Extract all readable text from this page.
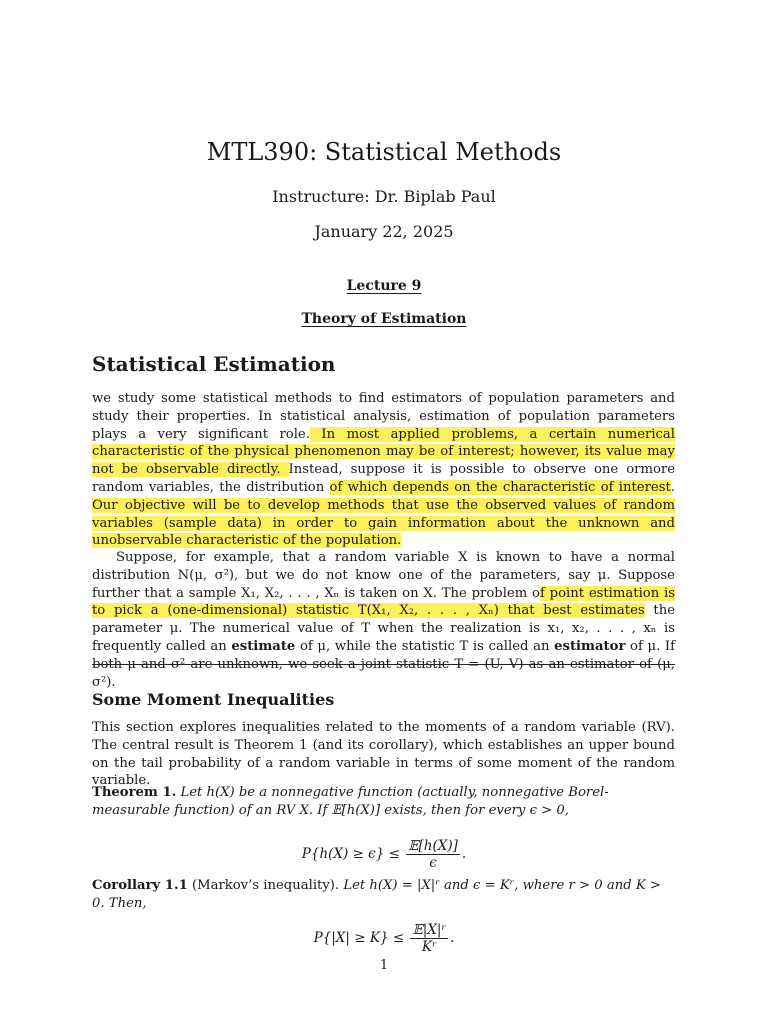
MTL390: Statistical Methods
Instructure: Dr. Biplab Paul
January 22, 2025
Lecture 9
Theory of Estimation
Statistical Estimation

we study some statistical methods to find estimators of population parameters and study their properties. In statistical analysis, estimation of population parameters plays a very significant role. In most applied problems, a certain numerical characteristic of the physical phenomenon may be of interest; however, its value may not be observable directly. Instead, suppose it is possible to observe one ormore random variables, the distribution of which depends on the characteristic of interest. Our objective will be to develop methods that use the observed values of random variables (sample data) in order to gain information about the unknown and unobservable characteristic of the population.

Suppose, for example, that a random variable X is known to have a normal distribution N(μ, σ²), but we do not know one of the parameters, say μ. Suppose further that a sample X₁, X₂, . . . , Xₙ is taken on X. The problem of point estimation is to pick a (one-dimensional) statistic T(X₁, X₂, . . . , Xₙ) that best estimates the parameter μ. The numerical value of T when the realization is x₁, x₂, . . . , xₙ is frequently called an estimate of μ, while the statistic T is called an estimator of μ. If both μ and σ² are unknown, we seek a joint statistic T = (U, V) as an estimator of (μ, σ²).

Some Moment Inequalities

This section explores inequalities related to the moments of a random variable (RV). The central result is Theorem 1 (and its corollary), which establishes an upper bound on the tail probability of a random variable in terms of some moment of the random variable.

Theorem 1. Let h(X) be a nonnegative function (actually, nonnegative Borel-measurable function) of an RV X. If 𝔼[h(X)] exists, then for every ϵ > 0,

$P\{h(X) \ge \epsilon\} \le \frac{\text{𝔼[h(X)]}}{\epsilon}$ .

Corollary 1.1 (Markov’s inequality). Let h(X) = |X|ʳ and ϵ = Kʳ, where r > 0 and K > 0. Then,

$P\{|X| \ge K\} \le \frac{\text{𝔼|X|ʳ}}{\text{Kʳ}}$ .
1
